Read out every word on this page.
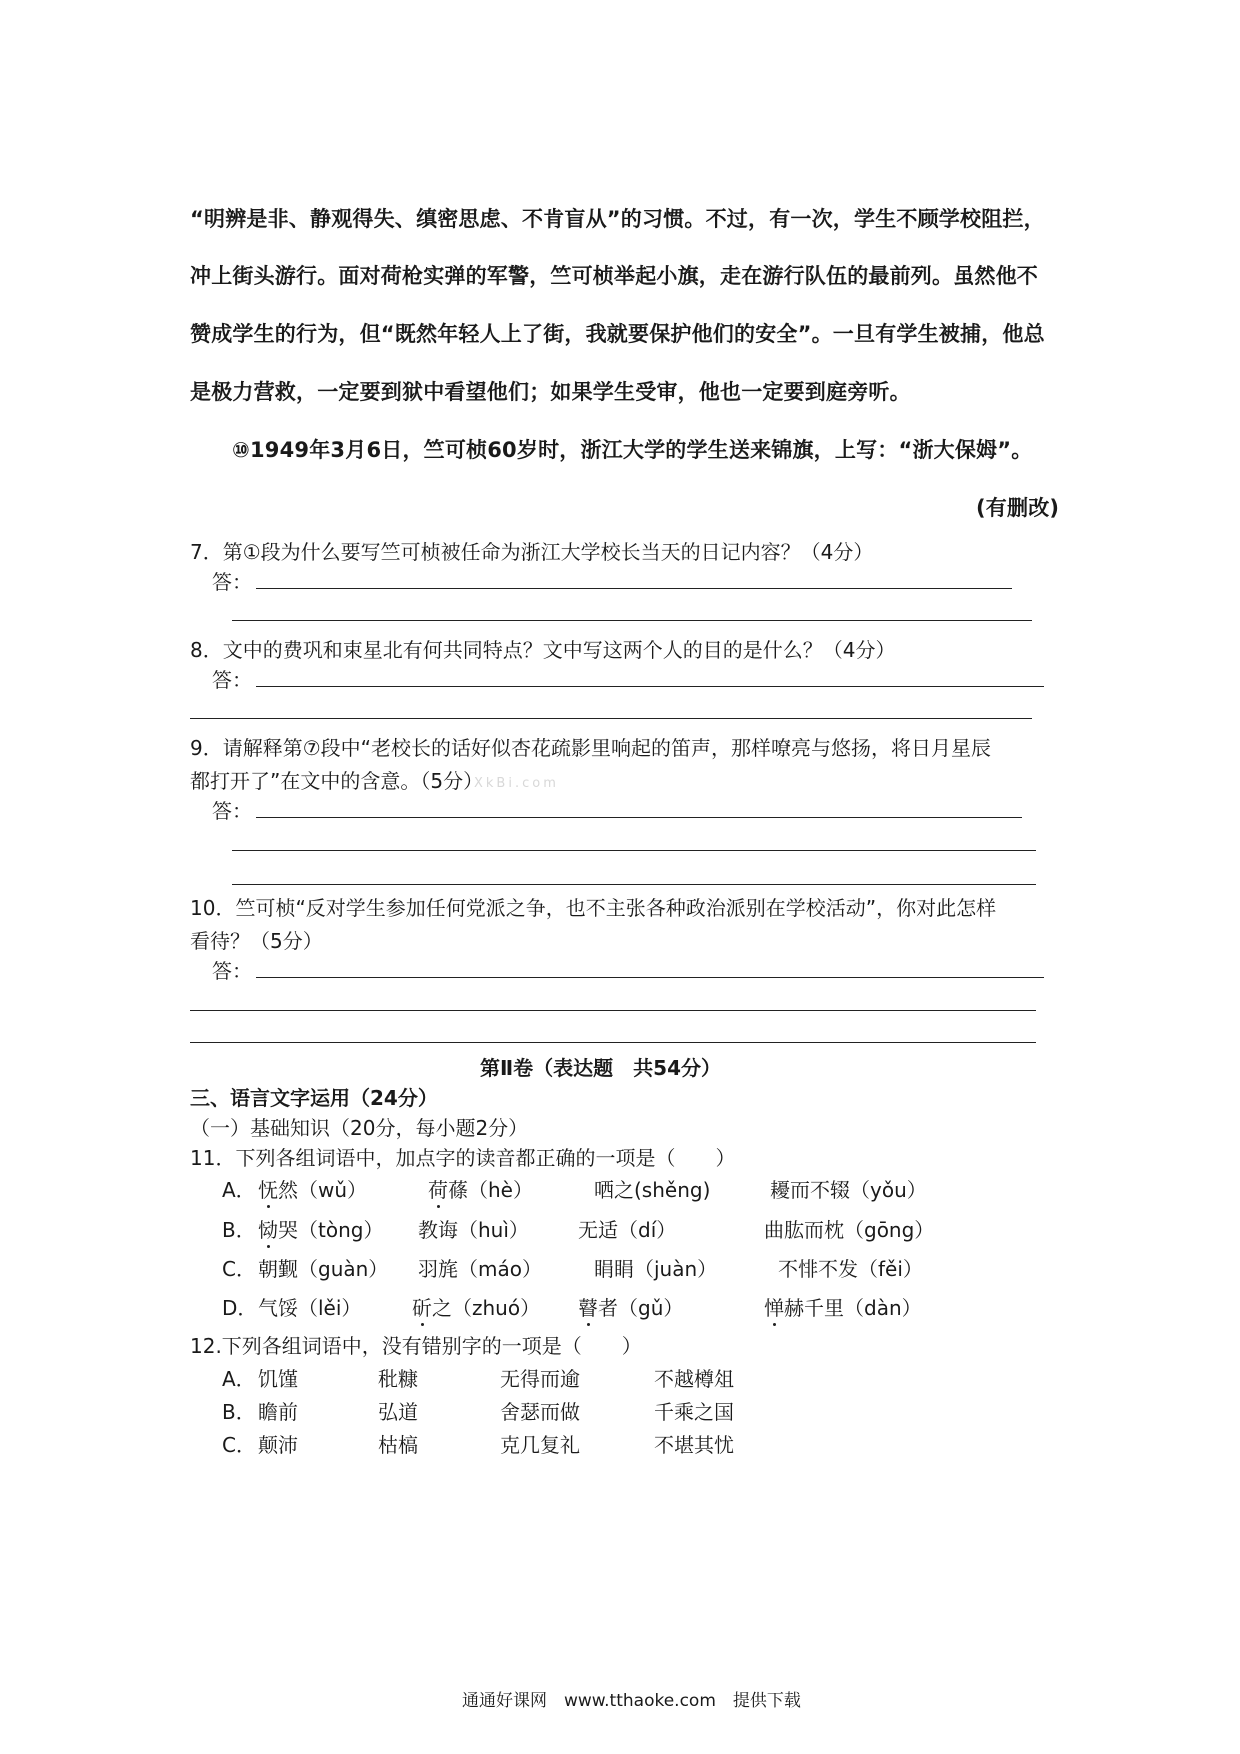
“明辨是非、静观得失、缜密思虑、不肯盲从”的习惯。不过，有一次，学生不顾学校阻拦，
冲上街头游行。面对荷枪实弹的军警，竺可桢举起小旗，走在游行队伍的最前列。虽然他不
赞成学生的行为，但“既然年轻人上了街，我就要保护他们的安全”。一旦有学生被捕，他总
是极力营救，一定要到狱中看望他们；如果学生受审，他也一定要到庭旁听。
⑩1949年3月6日，竺可桢60岁时，浙江大学的学生送来锦旗，上写：“浙大保姆”。
(有删改)
7．第①段为什么要写竺可桢被任命为浙江大学校长当天的日记内容？（4分）
答：
8．文中的费巩和束星北有何共同特点？文中写这两个人的目的是什么？（4分）
答：
9．请解释第⑦段中“老校长的话好似杏花疏影里响起的笛声，那样嘹亮与悠扬，将日月星辰
都打开了”在文中的含意。（5分）
XkBi.com
答：
10．竺可桢“反对学生参加任何党派之争，也不主张各种政治派别在学校活动”，你对此怎样
看待？（5分）
答：
第Ⅱ卷（表达题　共54分）
三、语言文字运用（24分）
（一）基础知识（20分，每小题2分）
11．下列各组词语中，加点字的读音都正确的一项是（　　）
A． 怃然（wǔ）	荷蓧（hè）	哂之(shěng)	耰而不辍（yǒu）
B． 恸哭（tòng） 教诲（huì） 无适（dí）	曲肱而枕（gōng）
C． 朝觐（guàn） 羽旄（máo）	睊睊（juàn）	不悱不发（fěi）
D． 气馁（lěi）	斫之（zhuó） 瞽者（gǔ）	惮赫千里（dàn）
12.下列各组词语中，没有错别字的一项是（　　）
A． 饥馑	秕糠	无得而逾	不越樽俎
B． 瞻前	弘道	舍瑟而做	千乘之国
C． 颠沛	枯槁	克几复礼	不堪其忧
通通好课网　www.tthaoke.com　提供下载
